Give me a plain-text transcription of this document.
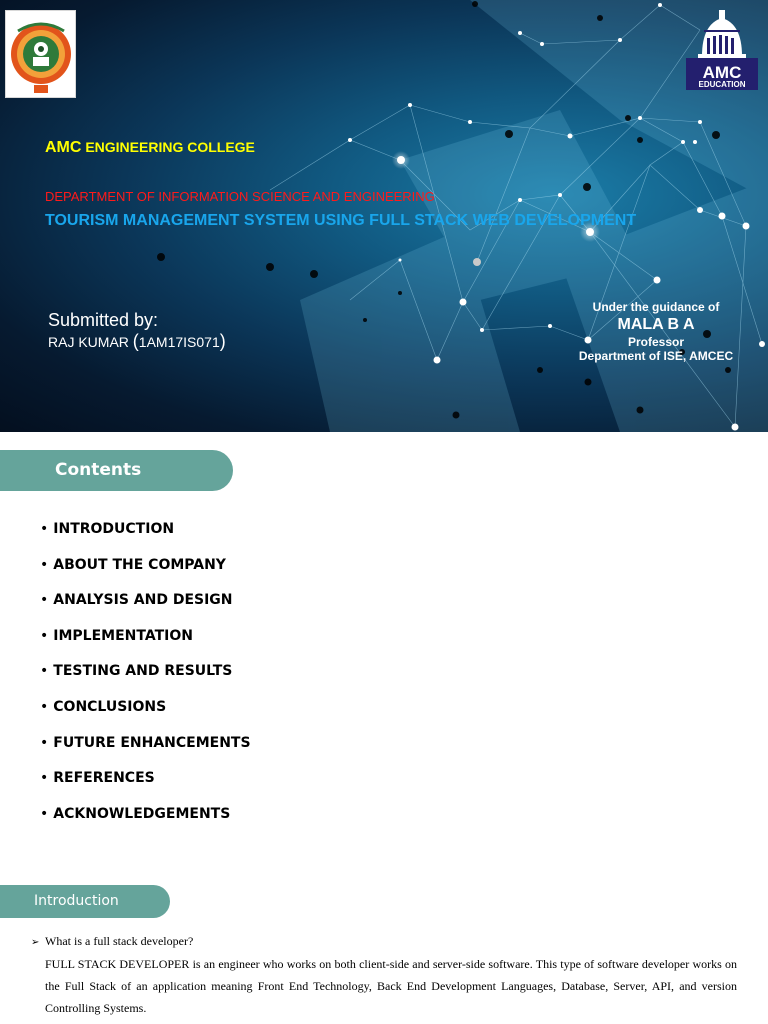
AMC
EDUCATION
AMC ENGINEERING COLLEGE
DEPARTMENT OF INFORMATION SCIENCE AND ENGINEERING
TOURISM MANAGEMENT SYSTEM USING FULL STACK WEB DEVELOPMENT
Submitted by:
RAJ KUMAR (1AM17IS071)
Under the guidance of
MALA B A
Professor
Department of ISE, AMCEC
Contents
• INTRODUCTION
• ABOUT THE COMPANY
• ANALYSIS AND DESIGN
• IMPLEMENTATION
• TESTING AND RESULTS
• CONCLUSIONS
• FUTURE ENHANCEMENTS
• REFERENCES
• ACKNOWLEDGEMENTS
Introduction
➢ What is a full stack developer?
FULL STACK DEVELOPER is an engineer who works on both client-side and server-side software. This type of software developer works on the Full Stack of an application meaning Front End Technology, Back End Development Languages, Database, Server, API, and version Controlling Systems.
